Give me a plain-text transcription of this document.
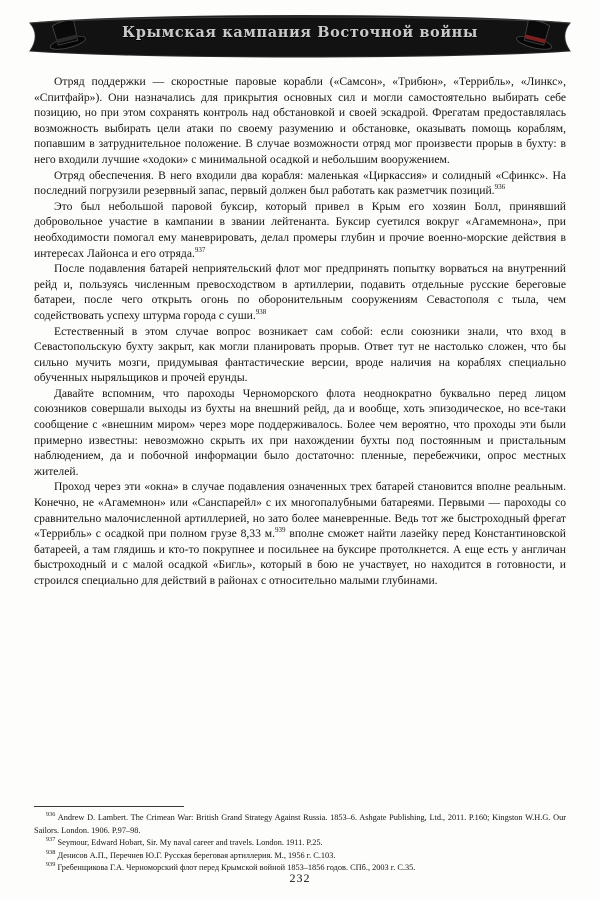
Крымская кампания Восточной войны

Отряд поддержки — скоростные паровые корабли («Самсон», «Трибюн», «Террибль», «Линкс», «Спитфайр»). Они назначались для прикрытия основных сил и могли самостоятельно выбирать себе позицию, но при этом сохранять контроль над обстановкой и своей эскадрой. Фрегатам предоставлялась возможность выбирать цели атаки по своему разумению и обстановке, оказывать помощь кораблям, попавшим в затруднительное положение. В случае возможности отряд мог произвести прорыв в бухту: в него входили лучшие «ходоки» с минимальной осадкой и небольшим вооружением.

Отряд обеспечения. В него входили два корабля: маленькая «Циркассия» и солидный «Сфинкс». На последний погрузили резервный запас, первый должен был работать как разметчик позиций.$^{936}$

Это был небольшой паровой буксир, который привел в Крым его хозяин Болл, принявший добровольное участие в кампании в звании лейтенанта. Буксир суетился вокруг «Агамемнона», при необходимости помогал ему маневрировать, делал промеры глубин и прочие военно-морские действия в интересах Лайонса и его отряда.$^{937}$

После подавления батарей неприятельский флот мог предпринять попытку ворваться на внутренний рейд и, пользуясь численным превосходством в артиллерии, подавить отдельные русские береговые батареи, после чего открыть огонь по оборонительным сооружениям Севастополя с тыла, чем содействовать успеху штурма города с суши.$^{938}$

Естественный в этом случае вопрос возникает сам собой: если союзники знали, что вход в Севастопольскую бухту закрыт, как могли планировать прорыв. Ответ тут не настолько сложен, что бы сильно мучить мозги, придумывая фантастические версии, вроде наличия на кораблях специально обученных ныряльщиков и прочей ерунды.

Давайте вспомним, что пароходы Черноморского флота неоднократно буквально перед лицом союзников совершали выходы из бухты на внешний рейд, да и вообще, хоть эпизодическое, но все-таки сообщение с «внешним миром» через море поддерживалось. Более чем вероятно, что проходы эти были примерно известны: невозможно скрыть их при нахождении бухты под постоянным и пристальным наблюдением, да и побочной информации было достаточно: пленные, перебежчики, опрос местных жителей.

Проход через эти «окна» в случае подавления означенных трех батарей становится вполне реальным. Конечно, не «Агамемнон» или «Санспарейл» с их многопалубными батареями. Первыми — пароходы со сравнительно малочисленной артиллерией, но зато более маневренные. Ведь тот же быстроходный фрегат «Террибль» с осадкой при полном грузе 8,33 м.$^{939}$ вполне сможет найти лазейку перед Константиновской батареей, а там глядишь и кто-то покрупнее и посильнее на буксире протолкнется. А еще есть у англичан быстроходный и с малой осадкой «Бигль», который в бою не участвует, но находится в готовности, и строился специально для действий в районах с относительно малыми глубинами.

$^{936}$ Andrew D. Lambert. The Crimean War: British Grand Strategy Against Russia. 1853–6. Ashgate Publishing, Ltd., 2011. P.160; Kingston W.H.G. Our Sailors. London. 1906. P.97–98.

$^{937}$ Seymour, Edward Hobart, Sir. My naval career and travels. London. 1911. P.25.

$^{938}$ Денисов А.П., Перечнев Ю.Г. Русская береговая артиллерия. М., 1956 г. С.103.

$^{939}$ Гребенщикова Г.А. Черноморский флот перед Крымской войной 1853–1856 годов. СПб., 2003 г. С.35.

232
